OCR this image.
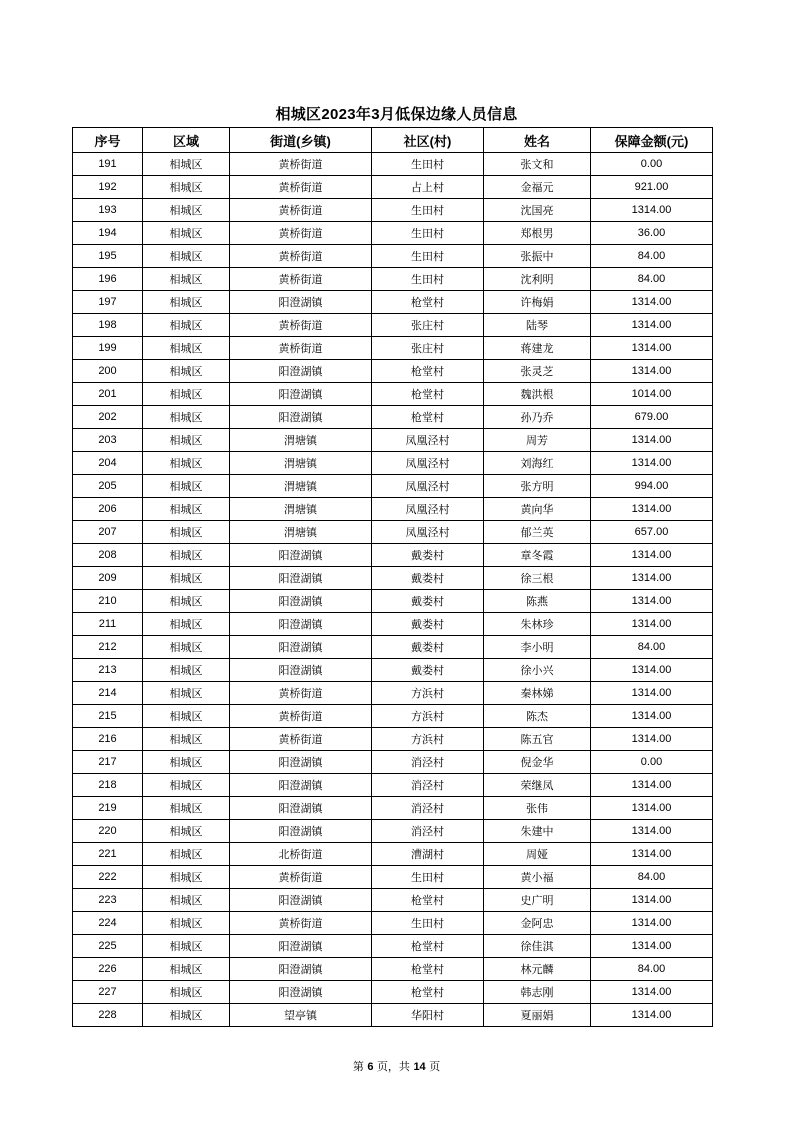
相城区2023年3月低保边缘人员信息
序号	区域	街道(乡镇)	社区(村)	姓名	保障金额(元)
191	相城区	黄桥街道	生田村	张文和	0.00
192	相城区	黄桥街道	占上村	金福元	921.00
193	相城区	黄桥街道	生田村	沈国亮	1314.00
194	相城区	黄桥街道	生田村	郑根男	36.00
195	相城区	黄桥街道	生田村	张振中	84.00
196	相城区	黄桥街道	生田村	沈利明	84.00
197	相城区	阳澄湖镇	枪堂村	许梅娟	1314.00
198	相城区	黄桥街道	张庄村	陆琴	1314.00
199	相城区	黄桥街道	张庄村	蒋建龙	1314.00
200	相城区	阳澄湖镇	枪堂村	张灵芝	1314.00
201	相城区	阳澄湖镇	枪堂村	魏洪根	1014.00
202	相城区	阳澄湖镇	枪堂村	孙乃乔	679.00
203	相城区	渭塘镇	凤凰泾村	周芳	1314.00
204	相城区	渭塘镇	凤凰泾村	刘海红	1314.00
205	相城区	渭塘镇	凤凰泾村	张方明	994.00
206	相城区	渭塘镇	凤凰泾村	黄向华	1314.00
207	相城区	渭塘镇	凤凰泾村	郁兰英	657.00
208	相城区	阳澄湖镇	戴娄村	章冬霞	1314.00
209	相城区	阳澄湖镇	戴娄村	徐三根	1314.00
210	相城区	阳澄湖镇	戴娄村	陈燕	1314.00
211	相城区	阳澄湖镇	戴娄村	朱林珍	1314.00
212	相城区	阳澄湖镇	戴娄村	李小明	84.00
213	相城区	阳澄湖镇	戴娄村	徐小兴	1314.00
214	相城区	黄桥街道	方浜村	秦林娣	1314.00
215	相城区	黄桥街道	方浜村	陈杰	1314.00
216	相城区	黄桥街道	方浜村	陈五官	1314.00
217	相城区	阳澄湖镇	消泾村	倪金华	0.00
218	相城区	阳澄湖镇	消泾村	荣继凤	1314.00
219	相城区	阳澄湖镇	消泾村	张伟	1314.00
220	相城区	阳澄湖镇	消泾村	朱建中	1314.00
221	相城区	北桥街道	漕湖村	周娅	1314.00
222	相城区	黄桥街道	生田村	黄小福	84.00
223	相城区	阳澄湖镇	枪堂村	史广明	1314.00
224	相城区	黄桥街道	生田村	金阿忠	1314.00
225	相城区	阳澄湖镇	枪堂村	徐佳淇	1314.00
226	相城区	阳澄湖镇	枪堂村	林元麟	84.00
227	相城区	阳澄湖镇	枪堂村	韩志刚	1314.00
228	相城区	望亭镇	华阳村	夏丽娟	1314.00
第 6 页，共 14 页
